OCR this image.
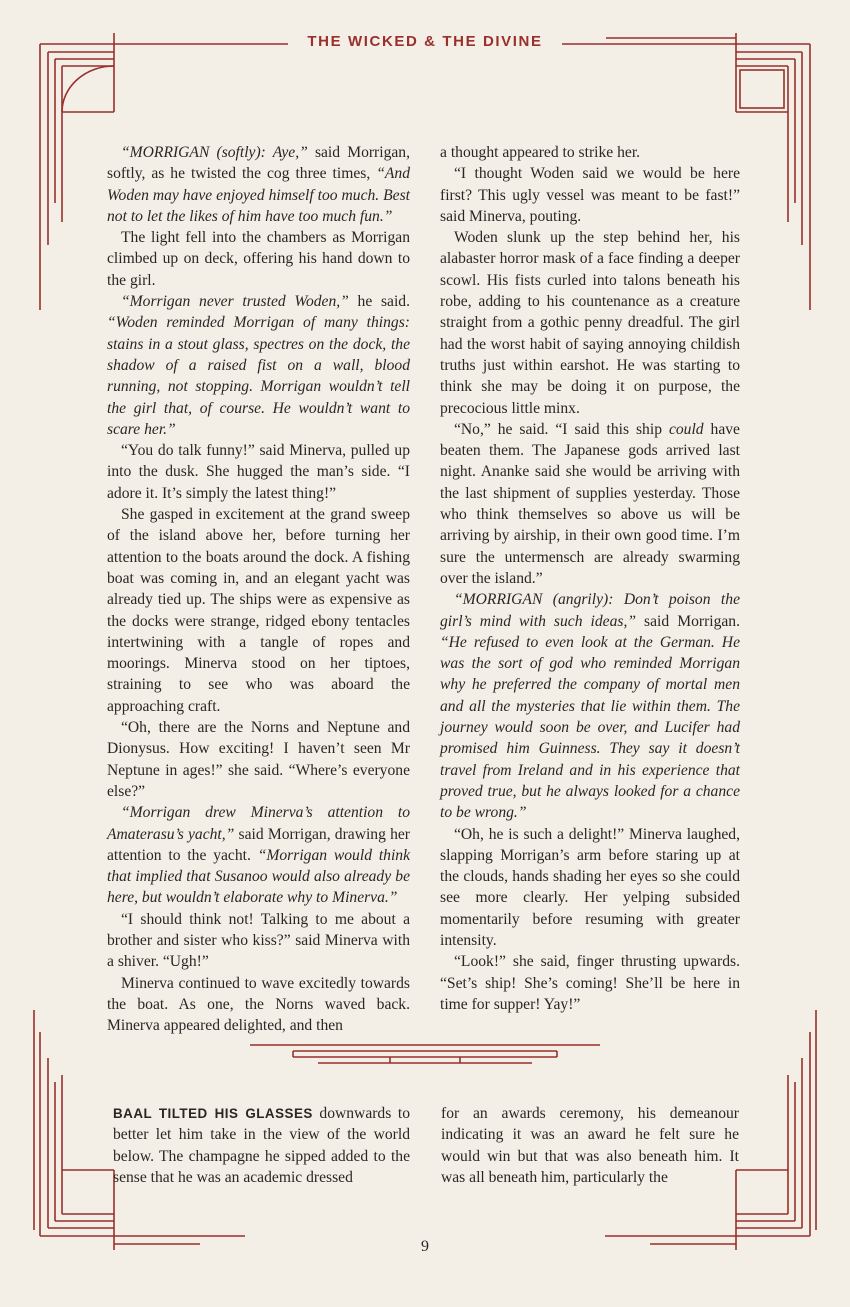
THE WICKED & THE DIVINE

“MORRIGAN (softly): Aye,” said Morrigan, softly, as he twisted the cog three times, “And Woden may have enjoyed himself too much. Best not to let the likes of him have too much fun.”

The light fell into the chambers as Morrigan climbed up on deck, offering his hand down to the girl.

“Morrigan never trusted Woden,” he said. “Woden reminded Morrigan of many things: stains in a stout glass, spectres on the dock, the shadow of a raised fist on a wall, blood running, not stopping. Morrigan wouldn’t tell the girl that, of course. He wouldn’t want to scare her.”

“You do talk funny!” said Minerva, pulled up into the dusk. She hugged the man’s side. “I adore it. It’s simply the latest thing!”

She gasped in excitement at the grand sweep of the island above her, before turning her attention to the boats around the dock. A fishing boat was coming in, and an elegant yacht was already tied up. The ships were as expensive as the docks were strange, ridged ebony tentacles intertwining with a tangle of ropes and moorings. Minerva stood on her tiptoes, straining to see who was aboard the approaching craft.

“Oh, there are the Norns and Neptune and Dionysus. How exciting! I haven’t seen Mr Neptune in ages!” she said. “Where’s everyone else?”

“Morrigan drew Minerva’s attention to Amaterasu’s yacht,” said Morrigan, drawing her attention to the yacht. “Morrigan would think that implied that Susanoo would also already be here, but wouldn’t elaborate why to Minerva.”

“I should think not! Talking to me about a brother and sister who kiss?” said Minerva with a shiver. “Ugh!”

Minerva continued to wave excitedly towards the boat. As one, the Norns waved back. Minerva appeared delighted, and then

a thought appeared to strike her.

“I thought Woden said we would be here first? This ugly vessel was meant to be fast!” said Minerva, pouting.

Woden slunk up the step behind her, his alabaster horror mask of a face finding a deeper scowl. His fists curled into talons beneath his robe, adding to his countenance as a creature straight from a gothic penny dreadful. The girl had the worst habit of saying annoying childish truths just within earshot. He was starting to think she may be doing it on purpose, the precocious little minx.

“No,” he said. “I said this ship could have beaten them. The Japanese gods arrived last night. Ananke said she would be arriving with the last shipment of supplies yesterday. Those who think themselves so above us will be arriving by airship, in their own good time. I’m sure the untermensch are already swarming over the island.”

“MORRIGAN (angrily): Don’t poison the girl’s mind with such ideas,” said Morrigan. “He refused to even look at the German. He was the sort of god who reminded Morrigan why he preferred the company of mortal men and all the mysteries that lie within them. The journey would soon be over, and Lucifer had promised him Guinness. They say it doesn’t travel from Ireland and in his experience that proved true, but he always looked for a chance to be wrong.”

“Oh, he is such a delight!” Minerva laughed, slapping Morrigan’s arm before staring up at the clouds, hands shading her eyes so she could see more clearly. Her yelping subsided momentarily before resuming with greater intensity.

“Look!” she said, finger thrusting upwards. “Set’s ship! She’s coming! She’ll be here in time for supper! Yay!”

BAAL TILTED HIS GLASSES downwards to better let him take in the view of the world below. The champagne he sipped added to the sense that he was an academic dressed

for an awards ceremony, his demeanour indicating it was an award he felt sure he would win but that was also beneath him. It was all beneath him, particularly the

9
